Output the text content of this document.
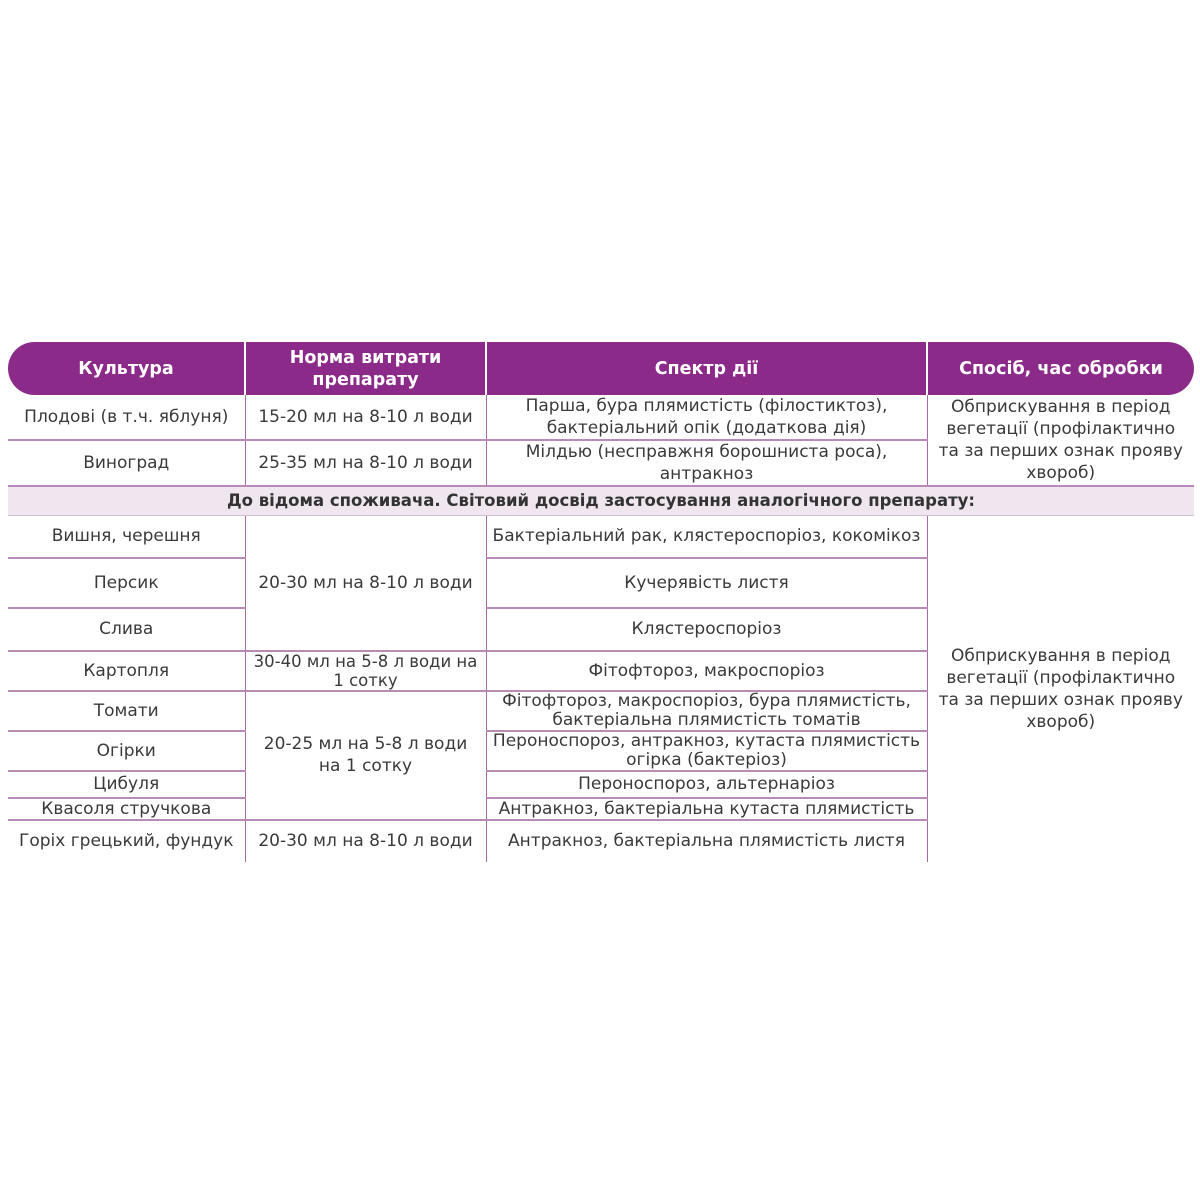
Культура	Норма витрати препарату	Спектр дії	Спосіб, час обробки
Плодові (в т.ч. яблуня)	15-20 мл на 8-10 л води	Парша, бура плямистість (філостиктоз), бактеріальний опік (додаткова дія)	Обприскування в період вегетації (профілактично та за перших ознак прояву хвороб)
Виноград	25-35 мл на 8-10 л води	Мілдью (несправжня борошниста роса), антракноз	
До відома споживача. Світовий досвід застосування аналогічного препарату:			
Вишня, черешня	20-30 мл на 8-10 л води	Бактеріальний рак, клястероспоріоз, кокомікоз	Обприскування в період вегетації (профілактично та за перших ознак прояву хвороб)
Персик		Кучерявість листя	
Слива		Клястероспоріоз	
Картопля	30-40 мл на 5-8 л води на 1 сотку	Фітофтороз, макроспоріоз	
Томати	20-25 мл на 5-8 л води на 1 сотку	Фітофтороз, макроспоріоз, бура плямистість, бактеріальна плямистість томатів	
Огірки		Пероноспороз, антракноз, кутаста плямистість огірка (бактеріоз)	
Цибуля		Пероноспороз, альтернаріоз	
Квасоля стручкова		Антракноз, бактеріальна кутаста плямистість	
Горіх грецький, фундук	20-30 мл на 8-10 л води	Антракноз, бактеріальна плямистість листя	
